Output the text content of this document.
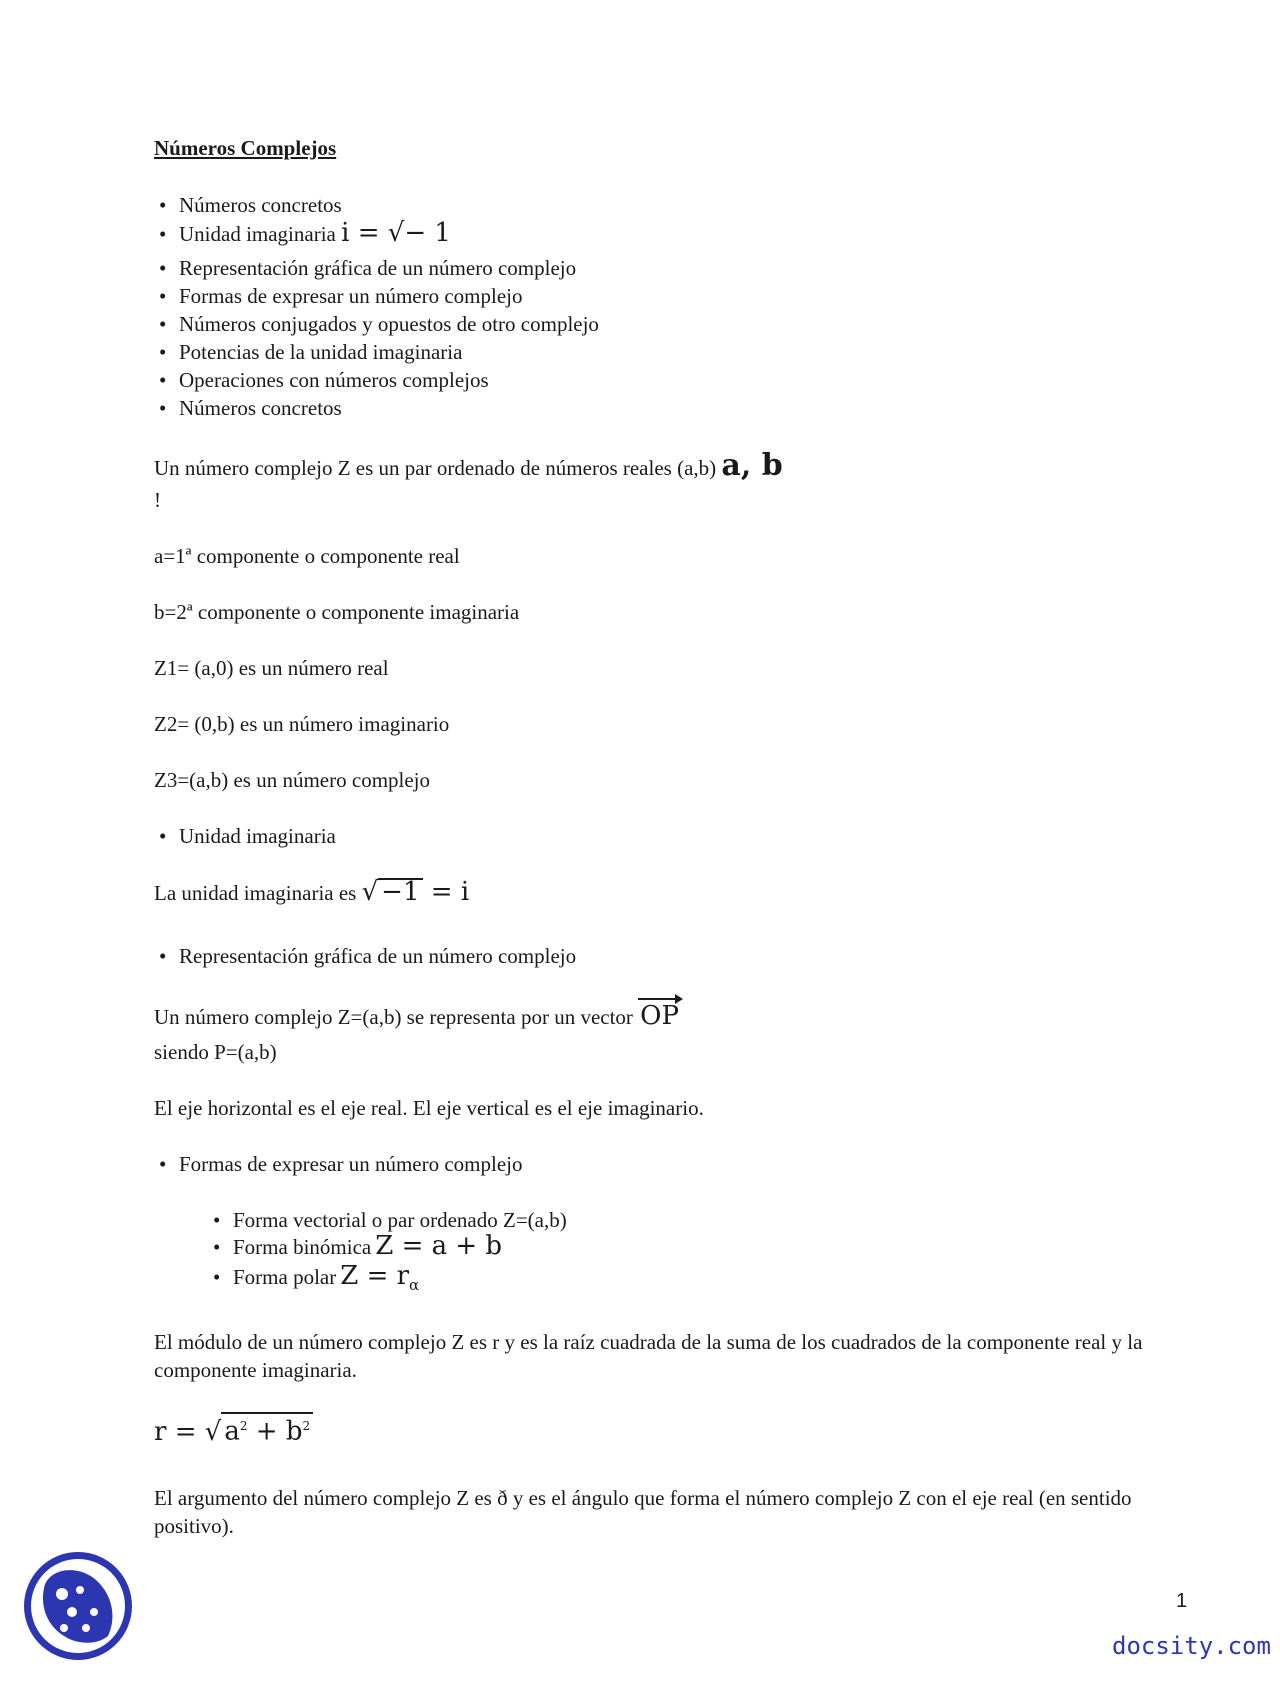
Números Complejos
• Números concretos
• Unidad imaginaria i = √− 1
• Representación gráfica de un número complejo
• Formas de expresar un número complejo
• Números conjugados y opuestos de otro complejo
• Potencias de la unidad imaginaria
• Operaciones con números complejos
• Números concretos
Un número complejo Z es un par ordenado de números reales (a,b) a, b
!
a=1ª componente o componente real
b=2ª componente o componente imaginaria
Z1= (a,0) es un número real
Z2= (0,b) es un número imaginario
Z3=(a,b) es un número complejo
• Unidad imaginaria
La unidad imaginaria es √ −1 = i
• Representación gráfica de un número complejo
Un número complejo Z=(a,b) se representa por un vector OP
siendo P=(a,b)
El eje horizontal es el eje real. El eje vertical es el eje imaginario.
• Formas de expresar un número complejo
• Forma vectorial o par ordenado Z=(a,b)
• Forma binómica Z = a + b
• Forma polar $Z = r_\alpha$
El módulo de un número complejo Z es r y es la raíz cuadrada de la suma de los cuadrados de la componente real y la componente imaginaria.
r = √ $a^2 + b^2$
El argumento del número complejo Z es ð y es el ángulo que forma el número complejo Z con el eje real (en sentido positivo).
1
docsity.com
